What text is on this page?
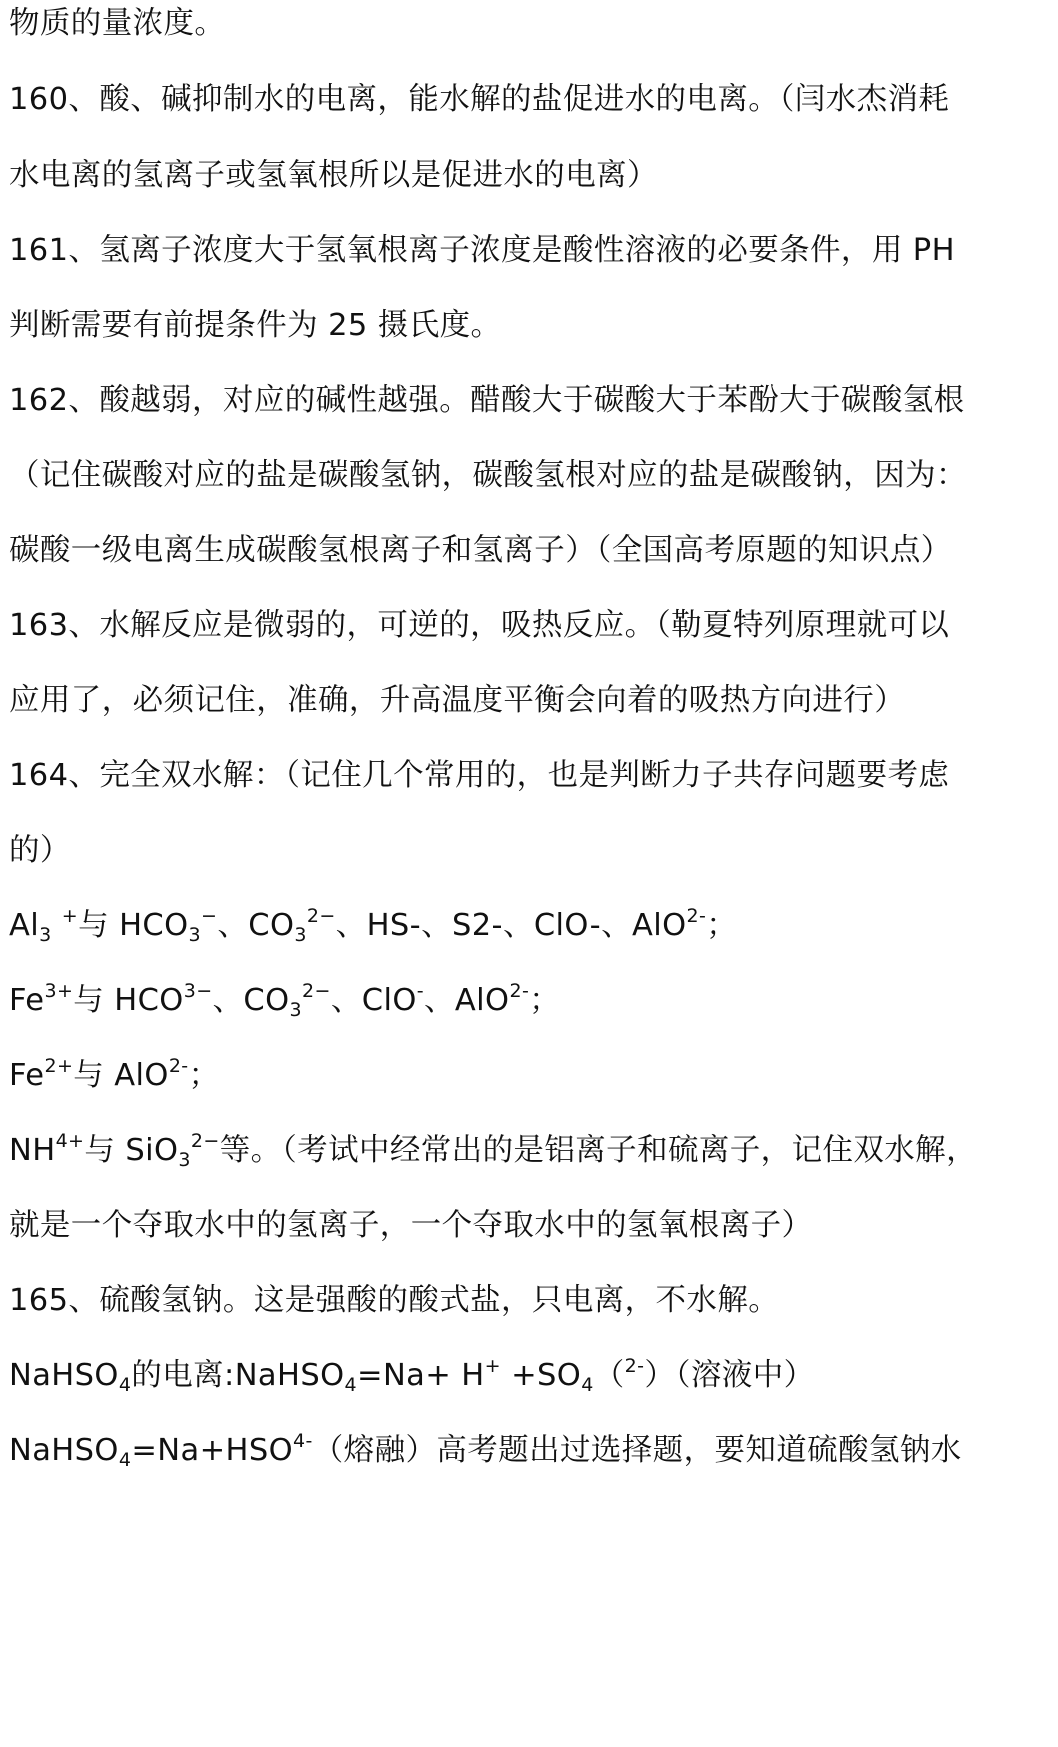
物质的量浓度。
160、酸、碱抑制水的电离，能水解的盐促进水的电离。（闫水杰消耗
水电离的氢离子或氢氧根所以是促进水的电离）
161、氢离子浓度大于氢氧根离子浓度是酸性溶液的必要条件，用 PH
判断需要有前提条件为 25 摄氏度。
162、酸越弱，对应的碱性越强。醋酸大于碳酸大于苯酚大于碳酸氢根
（记住碳酸对应的盐是碳酸氢钠，碳酸氢根对应的盐是碳酸钠，因为：
碳酸一级电离生成碳酸氢根离子和氢离子）（全国高考原题的知识点）
163、水解反应是微弱的，可逆的，吸热反应。（勒夏特列原理就可以
应用了，必须记住，准确，升高温度平衡会向着的吸热方向进行）
164、完全双水解：（记住几个常用的，也是判断力子共存问题要考虑
的）
$Al_3$ +与 $HCO_3^-$、$CO_3^{2-}$、HS-、S2-、ClO-、AlO$^{2-}$；
$Fe^{3+}$与 $HCO^{3-}$、$CO_3^{2-}$、ClO-、AlO$^{2-}$；
$Fe^{2+}$与 AlO$^{2-}$；
$NH^{4+}$与 SiO$_3^{2-}$等。（考试中经常出的是铝离子和硫离子，记住双水解，
就是一个夺取水中的氢离子，一个夺取水中的氢氧根离子）
165、硫酸氢钠。这是强酸的酸式盐，只电离，不水解。
NaHSO$_4$的电离:NaHSO$_4$=Na+ $H^+ +SO_4(^{2-})$（溶液中）
$NaHSO_4=Na+HSO^{4-}$（熔融）高考题出过选择题，要知道硫酸氢钠水
